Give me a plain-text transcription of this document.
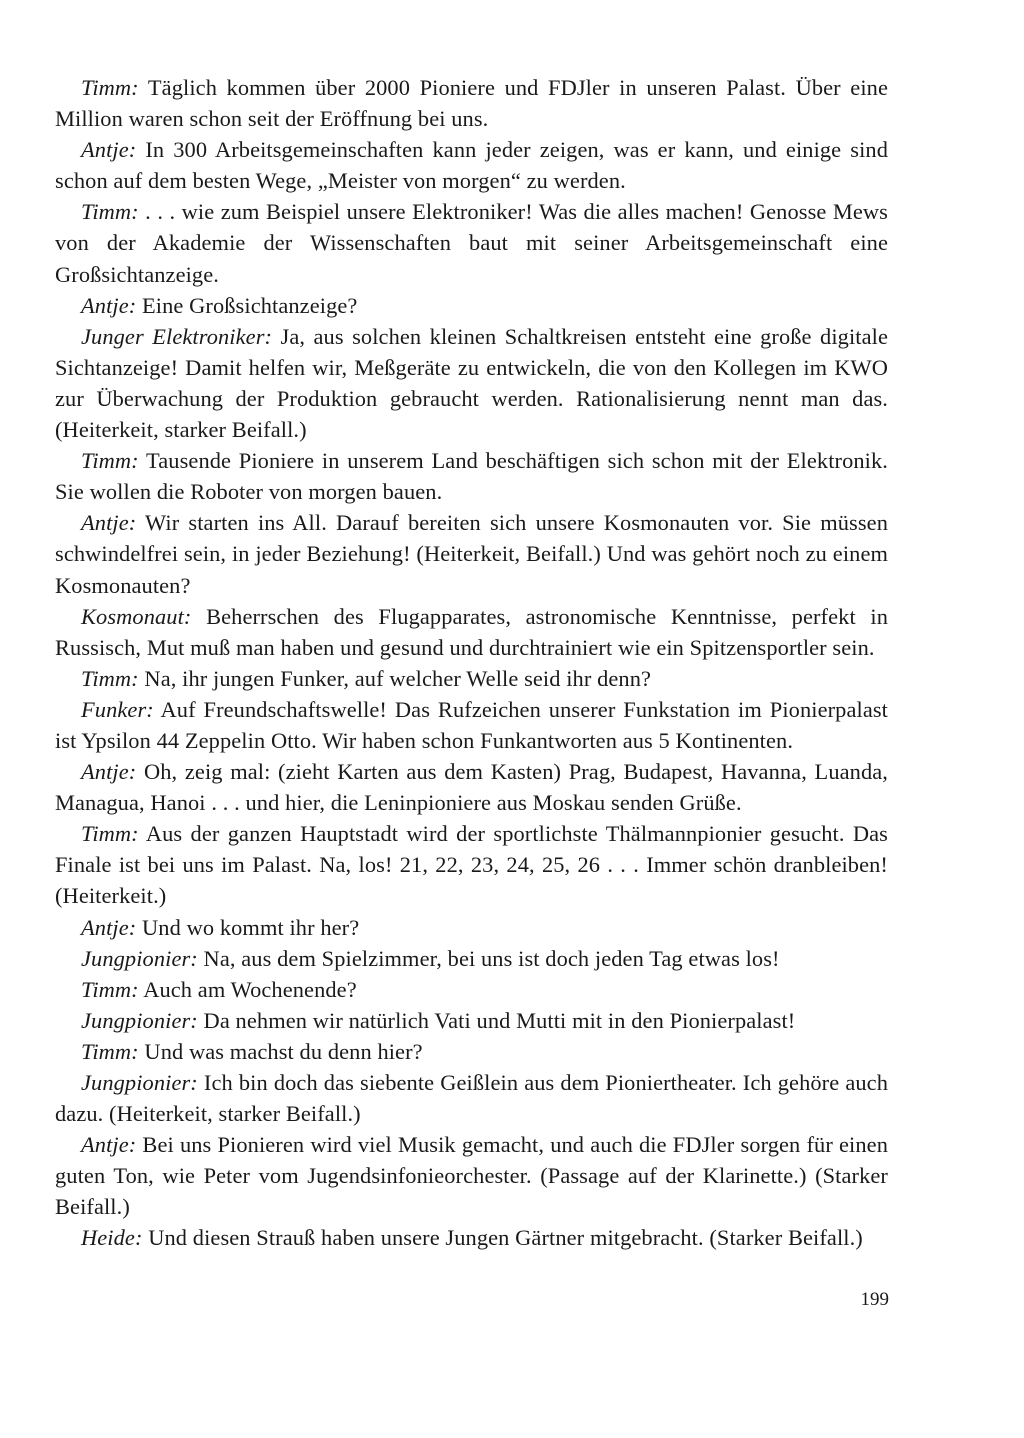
Timm: Täglich kommen über 2000 Pioniere und FDJler in unseren Palast. Über eine Million waren schon seit der Eröffnung bei uns.

Antje: In 300 Arbeitsgemeinschaften kann jeder zeigen, was er kann, und einige sind schon auf dem besten Wege, „Meister von morgen“ zu werden.

Timm: . . . wie zum Beispiel unsere Elektroniker! Was die alles machen! Genosse Mews von der Akademie der Wissenschaften baut mit seiner Arbeitsgemeinschaft eine Großsichtanzeige.

Antje: Eine Großsichtanzeige?

Junger Elektroniker: Ja, aus solchen kleinen Schaltkreisen entsteht eine große digitale Sichtanzeige! Damit helfen wir, Meßgeräte zu entwickeln, die von den Kollegen im KWO zur Überwachung der Produktion gebraucht werden. Rationalisierung nennt man das. (Heiterkeit, starker Beifall.)

Timm: Tausende Pioniere in unserem Land beschäftigen sich schon mit der Elektronik. Sie wollen die Roboter von morgen bauen.

Antje: Wir starten ins All. Darauf bereiten sich unsere Kosmonauten vor. Sie müssen schwindelfrei sein, in jeder Beziehung! (Heiterkeit, Beifall.) Und was gehört noch zu einem Kosmonauten?

Kosmonaut: Beherrschen des Flugapparates, astronomische Kenntnisse, perfekt in Russisch, Mut muß man haben und gesund und durchtrainiert wie ein Spitzensportler sein.

Timm: Na, ihr jungen Funker, auf welcher Welle seid ihr denn?

Funker: Auf Freundschaftswelle! Das Rufzeichen unserer Funkstation im Pionierpalast ist Ypsilon 44 Zeppelin Otto. Wir haben schon Funkantworten aus 5 Kontinenten.

Antje: Oh, zeig mal: (zieht Karten aus dem Kasten) Prag, Budapest, Havanna, Luanda, Managua, Hanoi . . . und hier, die Leninpioniere aus Moskau senden Grüße.

Timm: Aus der ganzen Hauptstadt wird der sportlichste Thälmannpionier gesucht. Das Finale ist bei uns im Palast. Na, los! 21, 22, 23, 24, 25, 26 . . . Immer schön dranbleiben! (Heiterkeit.)

Antje: Und wo kommt ihr her?

Jungpionier: Na, aus dem Spielzimmer, bei uns ist doch jeden Tag etwas los!

Timm: Auch am Wochenende?

Jungpionier: Da nehmen wir natürlich Vati und Mutti mit in den Pionierpalast!

Timm: Und was machst du denn hier?

Jungpionier: Ich bin doch das siebente Geißlein aus dem Pioniertheater. Ich gehöre auch dazu. (Heiterkeit, starker Beifall.)

Antje: Bei uns Pionieren wird viel Musik gemacht, und auch die FDJler sorgen für einen guten Ton, wie Peter vom Jugendsinfonieorchester. (Passage auf der Klarinette.) (Starker Beifall.)

Heide: Und diesen Strauß haben unsere Jungen Gärtner mitgebracht. (Starker Beifall.)

199
